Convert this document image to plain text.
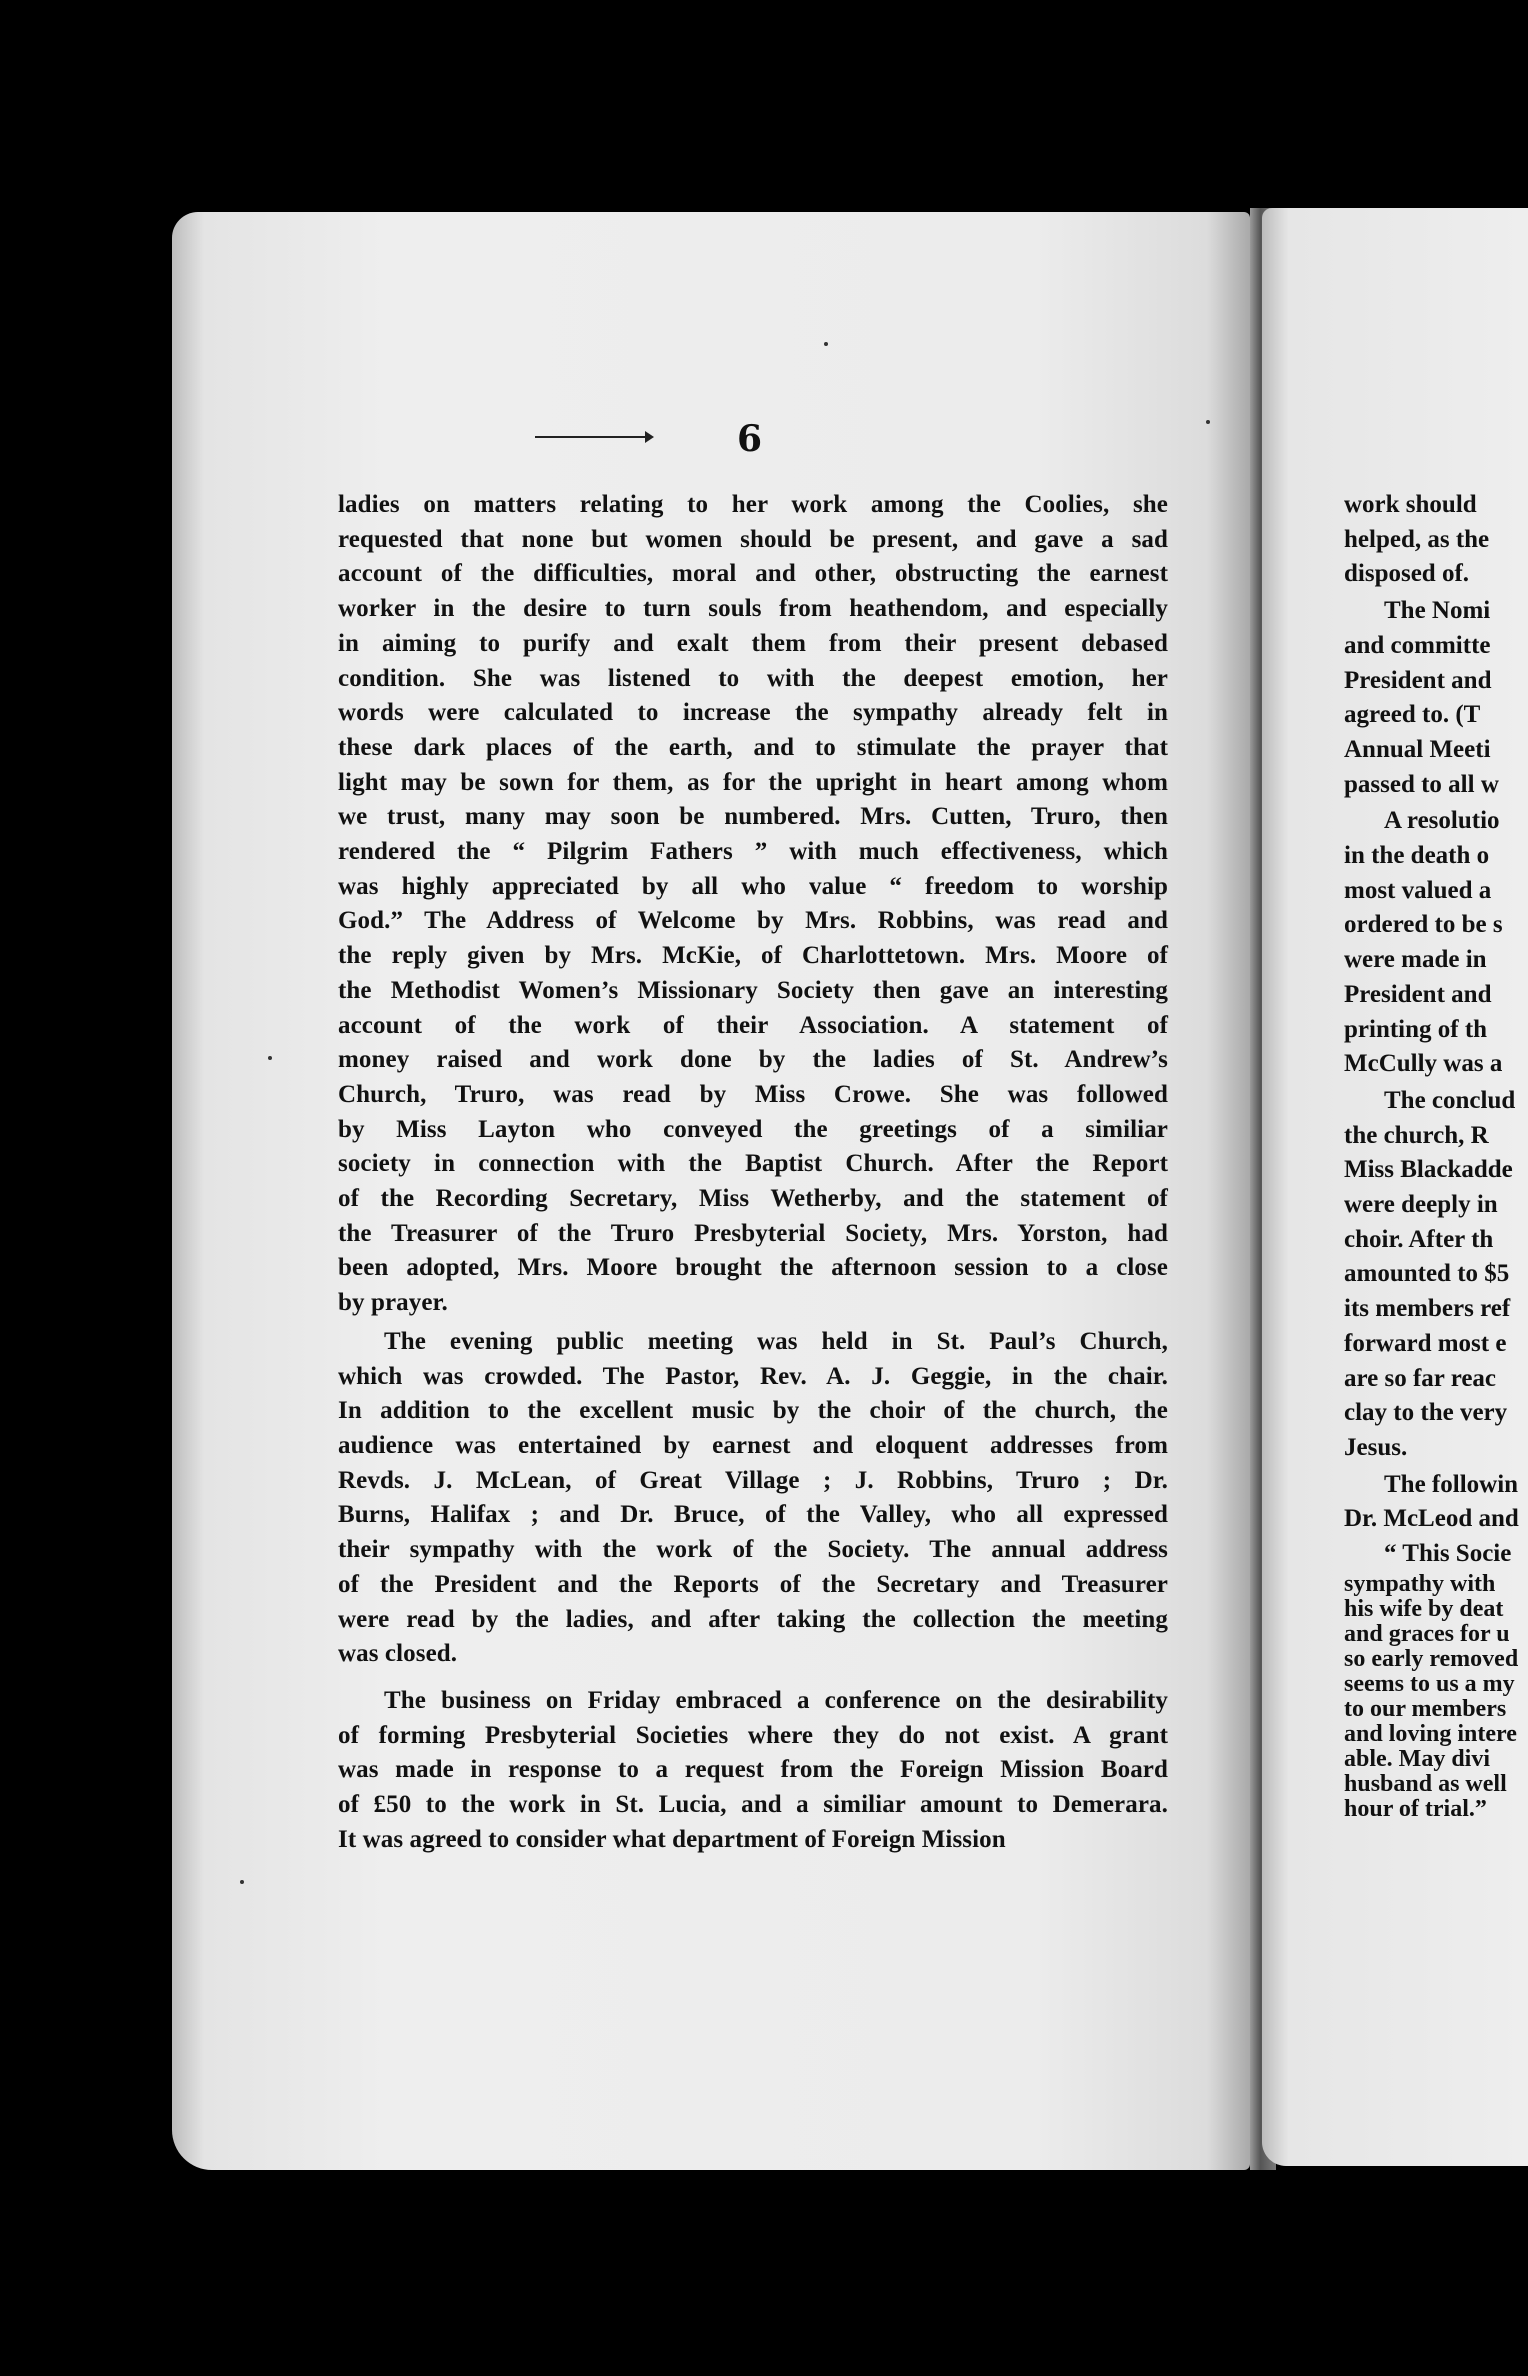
6

ladies on matters relating to her work among the Coolies, she
requested that none but women should be present, and gave a sad
account of the difficulties, moral and other, obstructing the earnest
worker in the desire to turn souls from heathendom, and especially
in aiming to purify and exalt them from their present debased
condition. She was listened to with the deepest emotion, her
words were calculated to increase the sympathy already felt in
these dark places of the earth, and to stimulate the prayer that
light may be sown for them, as for the upright in heart among whom
we trust, many may soon be numbered. Mrs. Cutten, Truro, then
rendered the “ Pilgrim Fathers ” with much effectiveness, which
was highly appreciated by all who value “ freedom to worship
God.” The Address of Welcome by Mrs. Robbins, was read and
the reply given by Mrs. McKie, of Charlottetown. Mrs. Moore of
the Methodist Women’s Missionary Society then gave an interesting
account of the work of their Association. A statement of
money raised and work done by the ladies of St. Andrew’s
Church, Truro, was read by Miss Crowe. She was followed
by Miss Layton who conveyed the greetings of a similiar
society in connection with the Baptist Church. After the Report
of the Recording Secretary, Miss Wetherby, and the statement of
the Treasurer of the Truro Presbyterial Society, Mrs. Yorston, had
been adopted, Mrs. Moore brought the afternoon session to a close
by prayer.

The evening public meeting was held in St. Paul’s Church,
which was crowded. The Pastor, Rev. A. J. Geggie, in the chair.
In addition to the excellent music by the choir of the church, the
audience was entertained by earnest and eloquent addresses from
Revds. J. McLean, of Great Village ; J. Robbins, Truro ; Dr.
Burns, Halifax ; and Dr. Bruce, of the Valley, who all expressed
their sympathy with the work of the Society. The annual address
of the President and the Reports of the Secretary and Treasurer
were read by the ladies, and after taking the collection the meeting
was closed.

The business on Friday embraced a conference on the desirability
of forming Presbyterial Societies where they do not exist. A grant
was made in response to a request from the Foreign Mission Board
of £50 to the work in St. Lucia, and a similiar amount to Demerara.
It was agreed to consider what department of Foreign Mission

work should
helped, as the
disposed of.
The Nomi
and committe
President and
agreed to. (T
Annual Meeti
passed to all w
A resolutio
in the death o
most valued a
ordered to be s
were made in
President and
printing of th
McCully was a
The conclud
the church, R
Miss Blackadde
were deeply in
choir. After th
amounted to $5
its members ref
forward most e
are so far reac
clay to the very
Jesus.
The followin
Dr. McLeod and
“ This Socie
sympathy with
his wife by deat
and graces for u
so early removed
seems to us a my
to our members
and loving intere
able. May divi
husband as well
hour of trial.”
